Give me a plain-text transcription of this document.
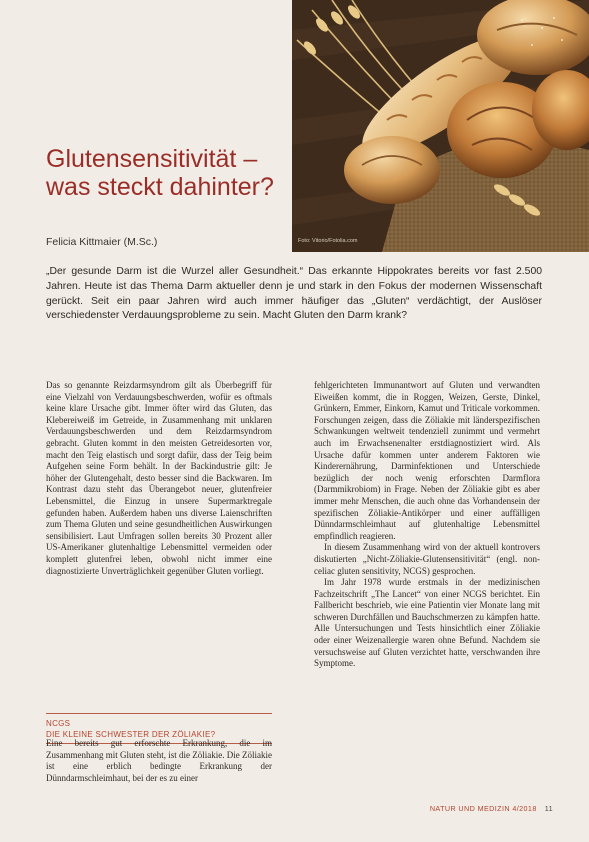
Foto: Vitorio/Fotolia.com
Glutensensitivität – was steckt dahinter?
Felicia Kittmaier (M.Sc.)
„Der gesunde Darm ist die Wurzel aller Gesundheit.“ Das erkannte Hippokrates bereits vor fast 2.500 Jahren. Heute ist das Thema Darm aktueller denn je und stark in den Fokus der modernen Wissenschaft gerückt. Seit ein paar Jahren wird auch immer häufiger das „Gluten“ verdächtigt, der Auslöser verschiedenster Verdauungsprobleme zu sein. Macht Gluten den Darm krank?

Das so genannte Reizdarmsyndrom gilt als Überbegriff für eine Vielzahl von Verdauungsbeschwerden, wofür es oftmals keine klare Ursache gibt. Immer öfter wird das Gluten, das Klebereiweiß im Getreide, in Zusammenhang mit unklaren Verdauungsbeschwerden und dem Reizdarmsyndrom gebracht. Gluten kommt in den meisten Getreidesorten vor, macht den Teig elastisch und sorgt dafür, dass der Teig beim Aufgehen seine Form behält. In der Backindustrie gilt: Je höher der Glutengehalt, desto besser sind die Backwaren. Im Kontrast dazu steht das Überangebot neuer, glutenfreier Lebensmittel, die Einzug in unsere Supermarktregale gefunden haben. Außerdem haben uns diverse Laienschriften zum Thema Gluten und seine gesundheitlichen Auswirkungen sensibilisiert. Laut Umfragen sollen bereits 30 Prozent aller US-Amerikaner glutenhaltige Lebensmittel vermeiden oder komplett glutenfrei leben, obwohl nicht immer eine diagnostizierte Unverträglichkeit gegenüber Gluten vorliegt.

NCGS
DIE KLEINE SCHWESTER DER ZÖLIAKIE?

Eine bereits gut erforschte Erkrankung, die im Zusammenhang mit Gluten steht, ist die Zöliakie. Die Zöliakie ist eine erblich bedingte Erkrankung der Dünndarmschleimhaut, bei der es zu einer

fehlgerichteten Immunantwort auf Gluten und verwandten Eiweißen kommt, die in Roggen, Weizen, Gerste, Dinkel, Grünkern, Emmer, Einkorn, Kamut und Triticale vorkommen. Forschungen zeigen, dass die Zöliakie mit länderspezifischen Schwankungen weltweit tendenziell zunimmt und vermehrt auch im Erwachsenenalter erstdiagnostiziert wird. Als Ursache dafür kommen unter anderem Faktoren wie Kinderernährung, Darminfektionen und Unterschiede bezüglich der noch wenig erforschten Darmflora (Darmmikrobiom) in Frage. Neben der Zöliakie gibt es aber immer mehr Menschen, die auch ohne das Vorhandensein der spezifischen Zöliakie-Antikörper und einer auffälligen Dünndarmschleimhaut auf glutenhaltige Lebensmittel empfindlich reagieren.

In diesem Zusammenhang wird von der aktuell kontrovers diskutierten „Nicht-Zöliakie-Glutensensitivität“ (engl. non-celiac gluten sensitivity, NCGS) gesprochen.

Im Jahr 1978 wurde erstmals in der medizinischen Fachzeitschrift „The Lancet“ von einer NCGS berichtet. Ein Fallbericht beschrieb, wie eine Patientin vier Monate lang mit schweren Durchfällen und Bauchschmerzen zu kämpfen hatte. Alle Untersuchungen und Tests hinsichtlich einer Zöliakie oder einer Weizenallergie waren ohne Befund. Nachdem sie versuchsweise auf Gluten verzichtet hatte, verschwanden ihre Symptome.

NATUR UND MEDIZIN 4/2018 11
